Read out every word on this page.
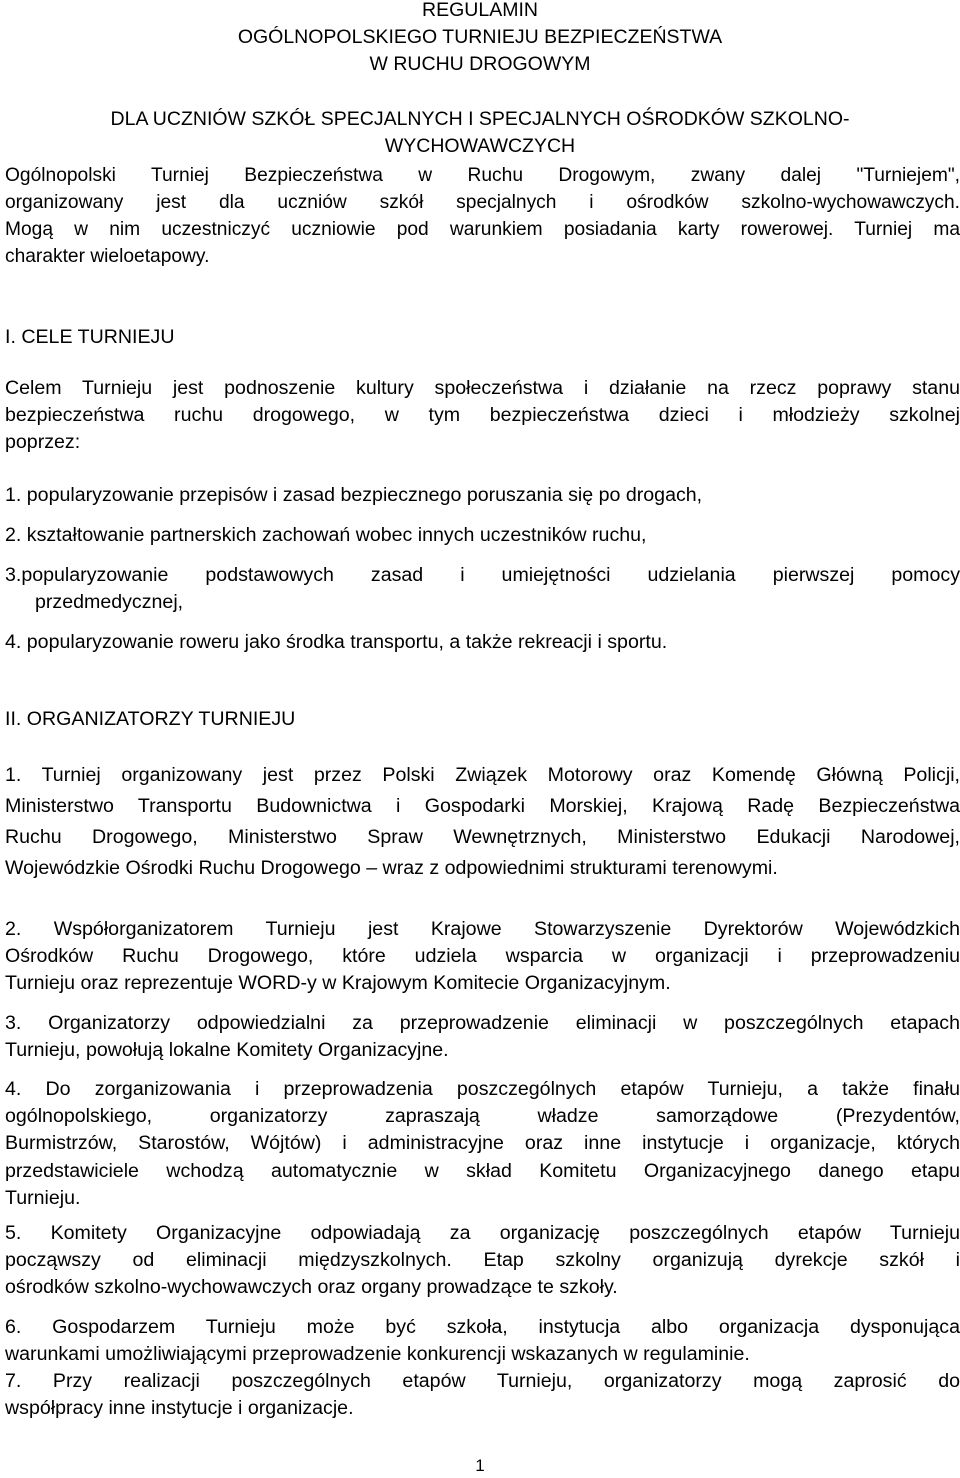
REGULAMIN
OGÓLNOPOLSKIEGO TURNIEJU BEZPIECZEŃSTWA
W RUCHU DROGOWYM
DLA UCZNIÓW SZKÓŁ SPECJALNYCH I SPECJALNYCH OŚRODKÓW SZKOLNO-
WYCHOWAWCZYCH
Ogólnopolski Turniej Bezpieczeństwa w Ruchu Drogowym, zwany dalej "Turniejem",
organizowany jest dla uczniów szkół specjalnych i ośrodków szkolno-wychowawczych.
Mogą w nim uczestniczyć uczniowie pod warunkiem posiadania karty rowerowej. Turniej ma
charakter wieloetapowy.
I. CELE TURNIEJU
Celem Turnieju jest podnoszenie kultury społeczeństwa i działanie na rzecz poprawy stanu
bezpieczeństwa ruchu drogowego, w tym bezpieczeństwa dzieci i młodzieży szkolnej
poprzez:
1. popularyzowanie przepisów i zasad bezpiecznego poruszania się po drogach,
2. kształtowanie partnerskich zachowań wobec innych uczestników ruchu,
3.popularyzowanie podstawowych zasad i umiejętności udzielania pierwszej pomocy
przedmedycznej,
4. popularyzowanie roweru jako środka transportu, a także rekreacji i sportu.
II. ORGANIZATORZY TURNIEJU
1. Turniej organizowany jest przez Polski Związek Motorowy oraz Komendę Główną Policji,
Ministerstwo Transportu Budownictwa i Gospodarki Morskiej, Krajową Radę Bezpieczeństwa
Ruchu Drogowego, Ministerstwo Spraw Wewnętrznych, Ministerstwo Edukacji Narodowej,
Wojewódzkie Ośrodki Ruchu Drogowego – wraz z odpowiednimi strukturami terenowymi.
2. Współorganizatorem Turnieju jest Krajowe Stowarzyszenie Dyrektorów Wojewódzkich
Ośrodków Ruchu Drogowego, które udziela wsparcia w organizacji i przeprowadzeniu
Turnieju oraz reprezentuje WORD-y w Krajowym Komitecie Organizacyjnym.
3. Organizatorzy odpowiedzialni za przeprowadzenie eliminacji w poszczególnych etapach
Turnieju, powołują lokalne Komitety Organizacyjne.
4. Do zorganizowania i przeprowadzenia poszczególnych etapów Turnieju, a także finału
ogólnopolskiego, organizatorzy zapraszają władze samorządowe (Prezydentów,
Burmistrzów, Starostów, Wójtów) i administracyjne oraz inne instytucje i organizacje, których
przedstawiciele wchodzą automatycznie w skład Komitetu Organizacyjnego danego etapu
Turnieju.
5. Komitety Organizacyjne odpowiadają za organizację poszczególnych etapów Turnieju
począwszy od eliminacji międzyszkolnych. Etap szkolny organizują dyrekcje szkół i
ośrodków szkolno-wychowawczych oraz organy prowadzące te szkoły.
6. Gospodarzem Turnieju może być szkoła, instytucja albo organizacja dysponująca
warunkami umożliwiającymi przeprowadzenie konkurencji wskazanych w regulaminie.
7. Przy realizacji poszczególnych etapów Turnieju, organizatorzy mogą zaprosić do
współpracy inne instytucje i organizacje.
1
